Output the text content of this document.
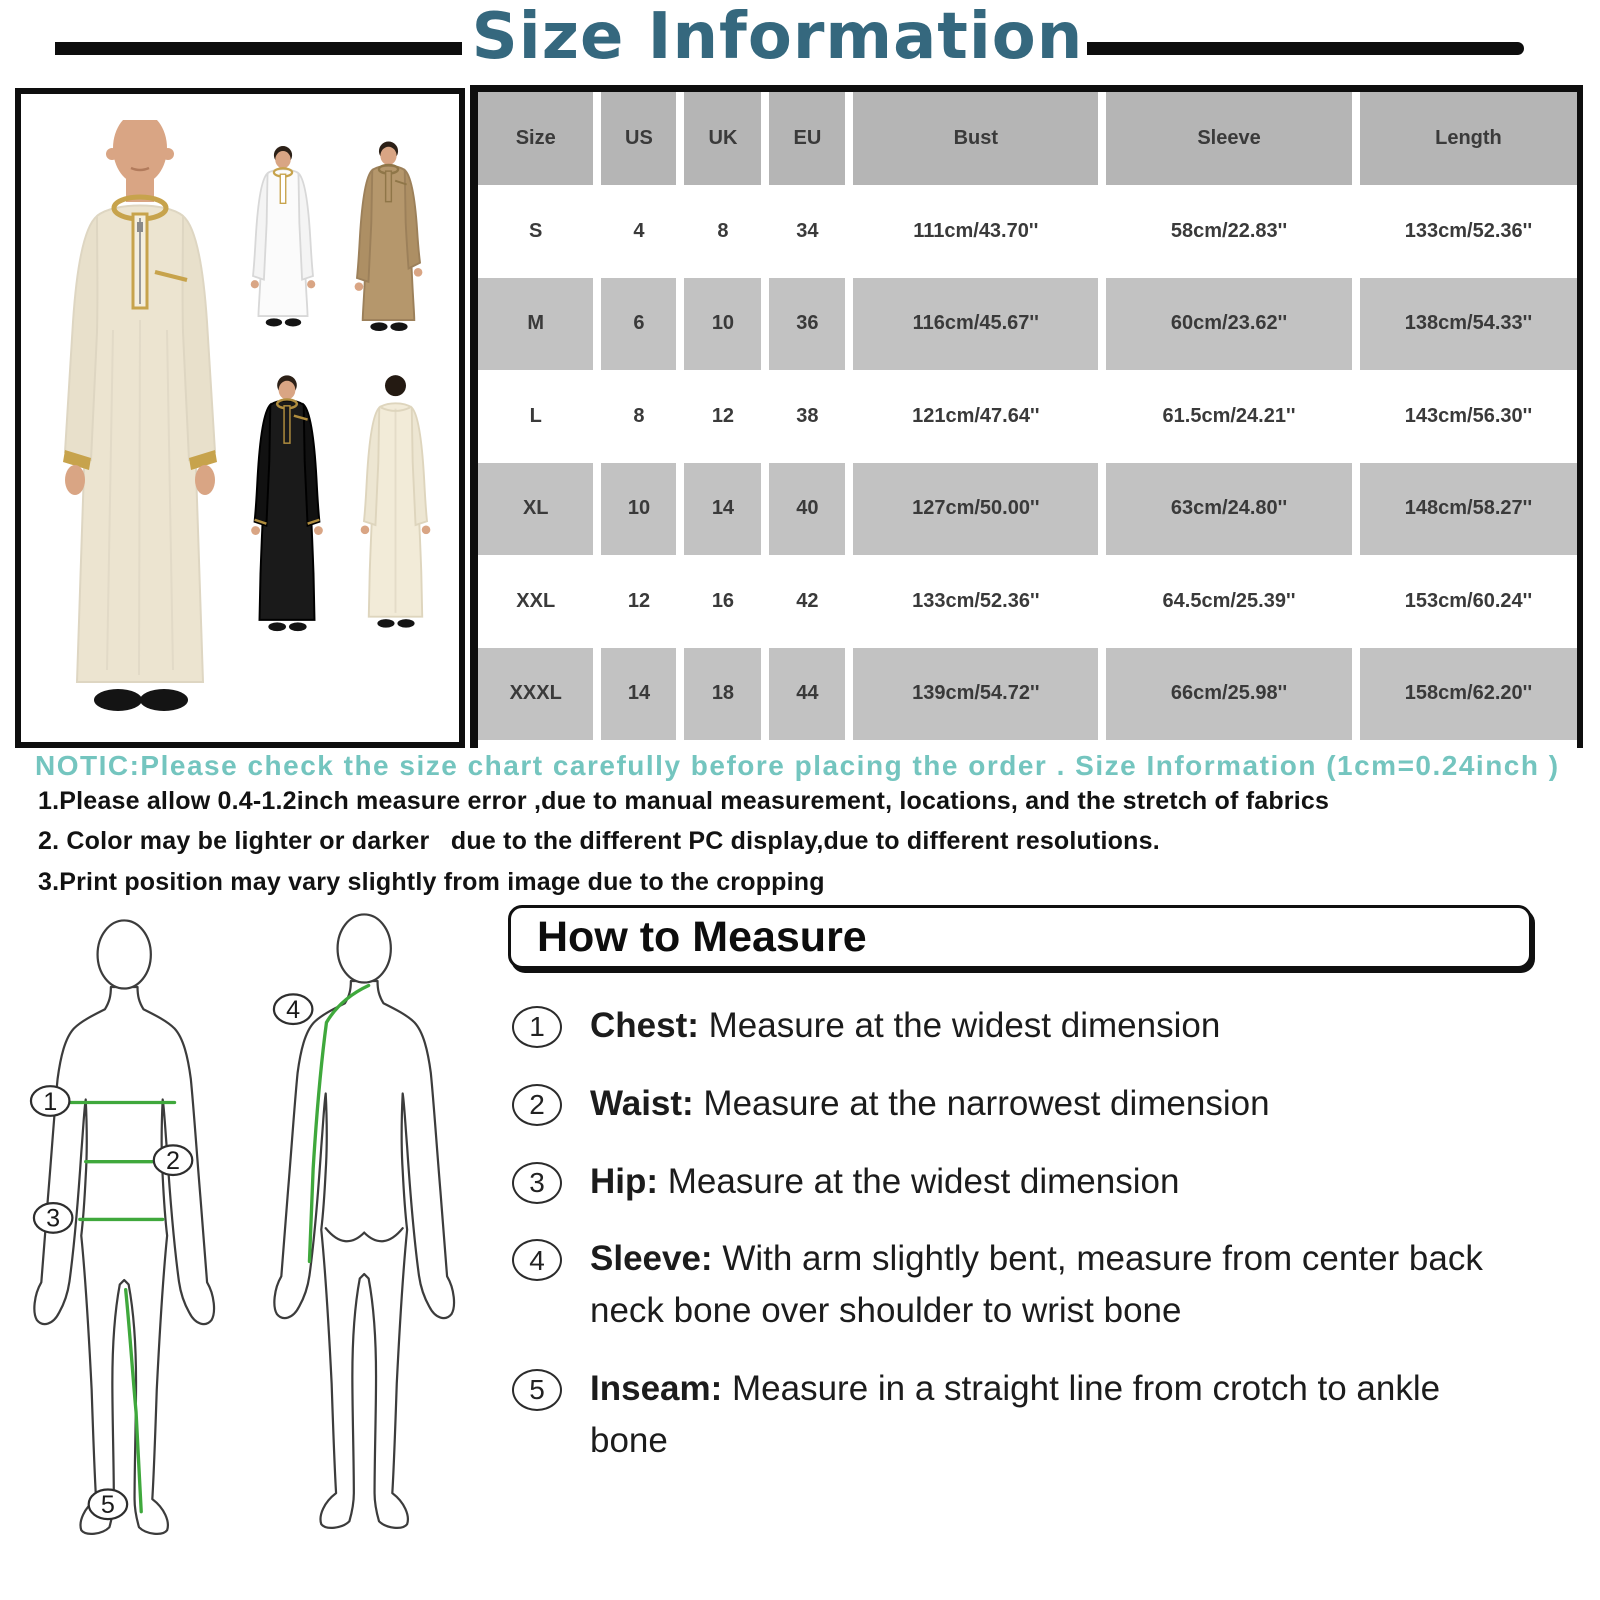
Size Information
Size	US	UK	EU	Bust	Sleeve	Length
S	4	8	34	111cm/43.70''	58cm/22.83''	133cm/52.36''
M	6	10	36	116cm/45.67''	60cm/23.62''	138cm/54.33''
L	8	12	38	121cm/47.64''	61.5cm/24.21''	143cm/56.30''
XL	10	14	40	127cm/50.00''	63cm/24.80''	148cm/58.27''
XXL	12	16	42	133cm/52.36''	64.5cm/25.39''	153cm/60.24''
XXXL	14	18	44	139cm/54.72''	66cm/25.98''	158cm/62.20''
NOTIC:Please check the size chart carefully before placing the order . Size Information (1cm=0.24inch )
1.Please allow 0.4-1.2inch measure error ,due to manual measurement, locations, and the stretch of fabrics
2. Color may be lighter or darker   due to the different PC display,due to different resolutions.
3.Print position may vary slightly from image due to the cropping
How to Measure
1	Chest: Measure at the widest dimension
2	Waist: Measure at the narrowest dimension
3	Hip: Measure at the widest dimension
4	Sleeve: With arm slightly bent, measure from center back neck bone over shoulder to wrist bone
5	Inseam: Measure in a straight line from crotch to ankle bone
1
2
3
5
4
